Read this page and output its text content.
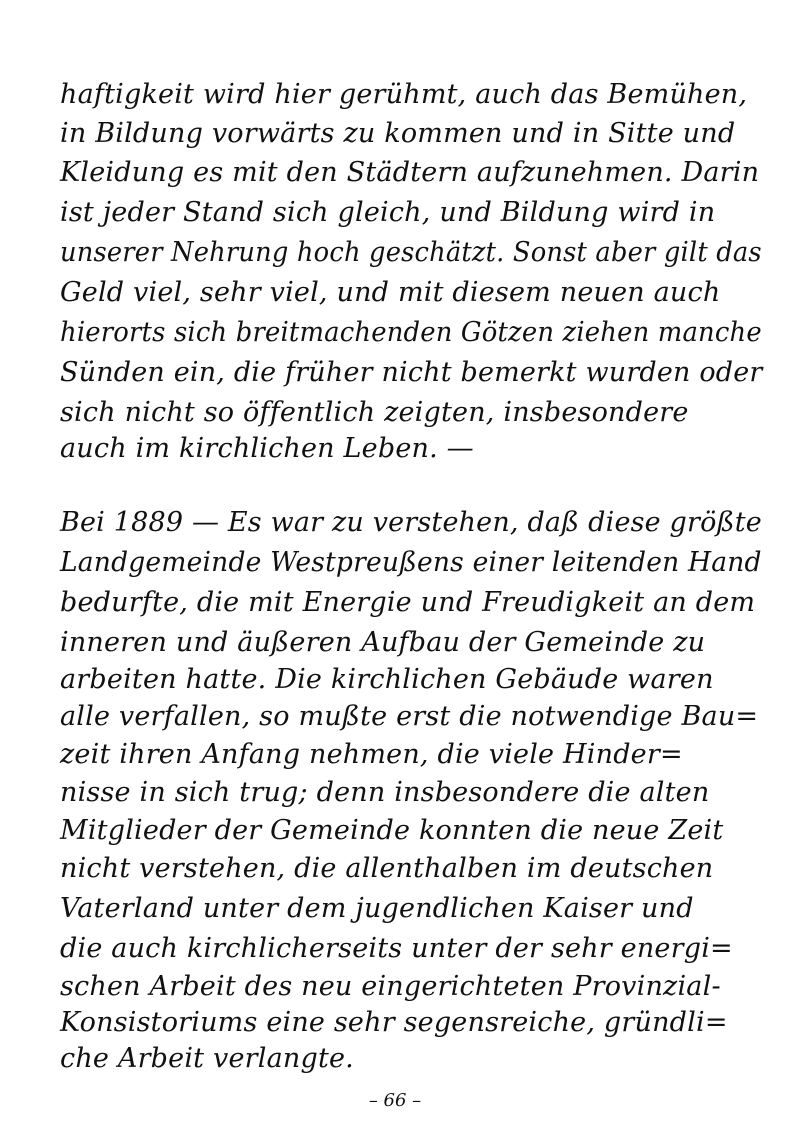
haftigkeit wird hier gerühmt, auch das Bemühen,
in Bildung vorwärts zu kommen und in Sitte und
Kleidung es mit den Städtern aufzunehmen. Darin
ist jeder Stand sich gleich, und Bildung wird in
unserer Nehrung hoch geschätzt. Sonst aber gilt das
Geld viel, sehr viel, und mit diesem neuen auch
hierorts sich breitmachenden Götzen ziehen manche
Sünden ein, die früher nicht bemerkt wurden oder
sich nicht so öffentlich zeigten, insbesondere
auch im kirchlichen Leben. —
Bei 1889 — Es war zu verstehen, daß diese größte
Landgemeinde Westpreußens einer leitenden Hand
bedurfte, die mit Energie und Freudigkeit an dem
inneren und äußeren Aufbau der Gemeinde zu
arbeiten hatte. Die kirchlichen Gebäude waren
alle verfallen, so mußte erst die notwendige Bau=
zeit ihren Anfang nehmen, die viele Hinder=
nisse in sich trug; denn insbesondere die alten
Mitglieder der Gemeinde konnten die neue Zeit
nicht verstehen, die allenthalben im deutschen
Vaterland unter dem jugendlichen Kaiser und
die auch kirchlicherseits unter der sehr energi=
schen Arbeit des neu eingerichteten Provinzial-
Konsistoriums eine sehr segensreiche, gründli=
che Arbeit verlangte.
– 66 –
